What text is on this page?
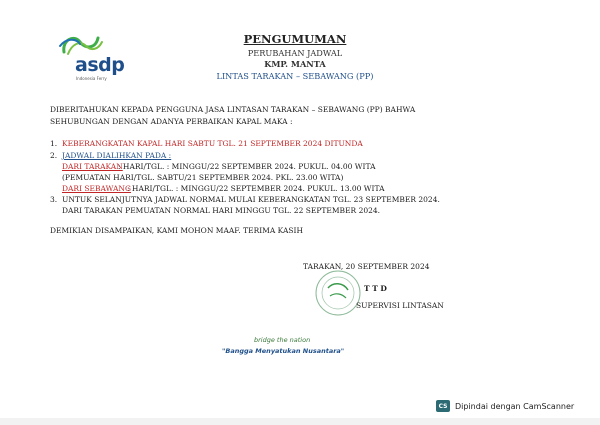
asdp
Indonesia Ferry
PENGUMUMAN
PERUBAHAN JADWAL
KMP. MANTA
LINTAS TARAKAN – SEBAWANG (PP)
DIBERITAHUKAN KEPADA PENGGUNA JASA LINTASAN TARAKAN – SEBAWANG (PP) BAHWA
SEHUBUNGAN DENGAN ADANYA PERBAIKAN KAPAL MAKA :
1. KEBERANGKATAN KAPAL HARI SABTU TGL. 21 SEPTEMBER 2024 DITUNDA
2. JADWAL DIALIHKAN PADA :
DARI TARAKAN
: HARI/TGL. : MINGGU/22 SEPTEMBER 2024. PUKUL. 04.00 WITA
(PEMUATAN HARI/TGL. SABTU/21 SEPTEMBER 2024. PKL. 23.00 WITA)
DARI SEBAWANG
: HARI/TGL. : MINGGU/22 SEPTEMBER 2024. PUKUL. 13.00 WITA
3. UNTUK SELANJUTNYA JADWAL NORMAL MULAI KEBERANGKATAN TGL. 23 SEPTEMBER 2024.
DARI TARAKAN PEMUATAN NORMAL HARI MINGGU TGL. 22 SEPTEMBER 2024.
DEMIKIAN DISAMPAIKAN, KAMI MOHON MAAF. TERIMA KASIH
TARAKAN, 20 SEPTEMBER 2024
T T D
SUPERVISI LINTASAN
bridge the nation
"Bangga Menyatukan Nusantara"
CS Dipindai dengan CamScanner
